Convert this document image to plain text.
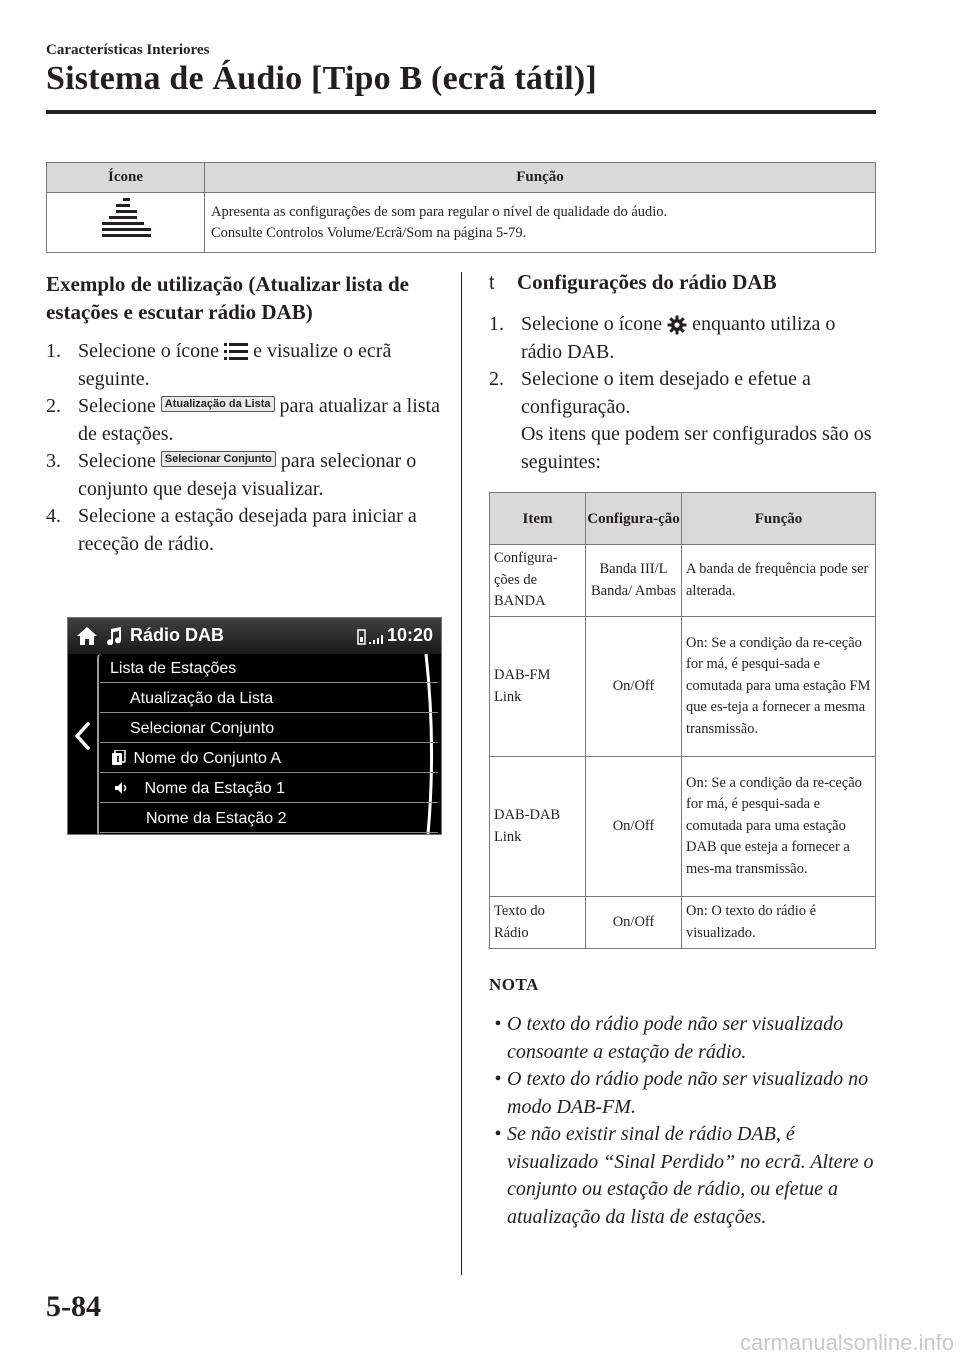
Características Interiores
Sistema de Áudio [Tipo B (ecrã tátil)]
Ícone	Função

Apresenta as configurações de som para regular o nível de qualidade do áudio.
Consulte Controlos Volume/Ecrã/Som na página 5-79.
Exemplo de utilização (Atualizar lista de estações e escutar rádio DAB)
1. Selecione o ícone e visualize o ecrã seguinte.
2. Selecione Atualização da Lista para atualizar a lista de estações.
3. Selecione Selecionar Conjunto para selecionar o conjunto que deseja visualizar.
4. Selecione a estação desejada para iniciar a receção de rádio.
Rádio DAB	10:20
Lista de Estações
Atualização da Lista
Selecionar Conjunto
Nome do Conjunto A
Nome da Estação 1
Nome da Estação 2
t	Configurações do rádio DAB
1. Selecione o ícone enquanto utiliza o rádio DAB.
2. Selecione o item desejado e efetue a configuração.
Os itens que podem ser configurados são os seguintes:
Item	Configura-ção	Função
Configura-ções de BANDA	Banda III/L Banda/ Ambas	A banda de frequência pode ser alterada.
DAB-FM Link	On/Off	On: Se a condição da re-ceção for má, é pesqui-sada e comutada para uma estação FM que es-teja a fornecer a mesma transmissão.
DAB-DAB Link	On/Off	On: Se a condição da re-ceção for má, é pesqui-sada e comutada para uma estação DAB que esteja a fornecer a mes-ma transmissão.
Texto do Rádio	On/Off	On: O texto do rádio é visualizado.
NOTA
• O texto do rádio pode não ser visualizado consoante a estação de rádio.
• O texto do rádio pode não ser visualizado no modo DAB-FM.
• Se não existir sinal de rádio DAB, é visualizado “Sinal Perdido” no ecrã. Altere o conjunto ou estação de rádio, ou efetue a atualização da lista de estações.
5-84
carmanualsonline.info
